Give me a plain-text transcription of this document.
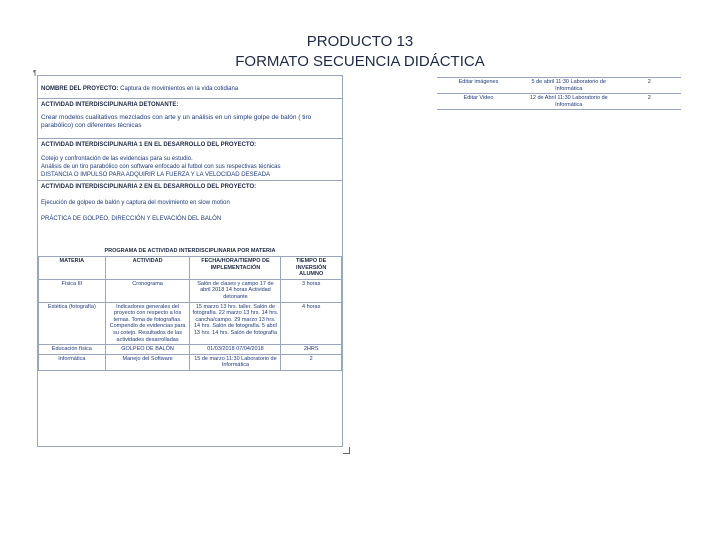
PRODUCTO 13
FORMATO SECUENCIA DIDÁCTICA
¶
NOMBRE DEL PROYECTO: Captura de movimientos en la vida cotidiana
ACTIVIDAD INTERDISCIPLINARIA DETONANTE:
Crear modelos cualitativos mezclados con arte y un análisis en un simple golpe de balón ( tiro parabólico) con diferentes técnicas
ACTIVIDAD INTERDISCIPLINARIA 1 EN EL DESARROLLO DEL PROYECTO:
Cotejo y confrontación de las evidencias para su estudio.
Análisis de un tiro parabólico con software enfocado al futbol con sus respectivas técnicas
DISTANCIA O IMPULSO PARA ADQUIRIR LA FUERZA Y LA VELOCIDAD DESEADA
ACTIVIDAD INTERDISCIPLINARIA 2 EN EL DESARROLLO DEL PROYECTO:
Ejecución de golpeo de balón y captura del movimiento en slow motion
PRÁCTICA DE GOLPEO, DIRECCIÓN Y ELEVACIÓN DEL BALÓN
PROGRAMA DE ACTIVIDAD INTERDISCIPLINARIA POR MATERIA
MATERIA	ACTIVIDAD	FECHA/HORA/TIEMPO DE IMPLEMENTACIÓN	TIEMPO DE INVERSIÓN ALUMNO
Física III	Cronograma	Salón de clases y campo 17 de abril 2018 14 horas Actividad detonante	3 horas
Estética (fotografía)	Indicadores generales del proyecto con respecto a los temas. Toma de fotografías. Compendio de evidencias para su cotejo. Resultados de las actividades desarrolladas	15 marzo 13 hrs. taller. Salón de fotografía. 22 marzo 13 hrs. 14 hrs. cancha/campo. 29 marzo 13 hrs. 14 hrs. Salón de fotografía. 5 abril 13 hrs. 14 hrs. Salón de fotografía	4 horas
Educación física	GOLPEO DE BALÓN	01/03/2018 07/04/2018	2HRS
Informática	Manejo del Software	15 de marzo 11:30 Laboratorio de Informática	2
Editar imágenes	5 de abril 11:30 Laboratorio de Informática	2
Editar Video	12 de Abril 11:30 Laboratorio de Informática	2
